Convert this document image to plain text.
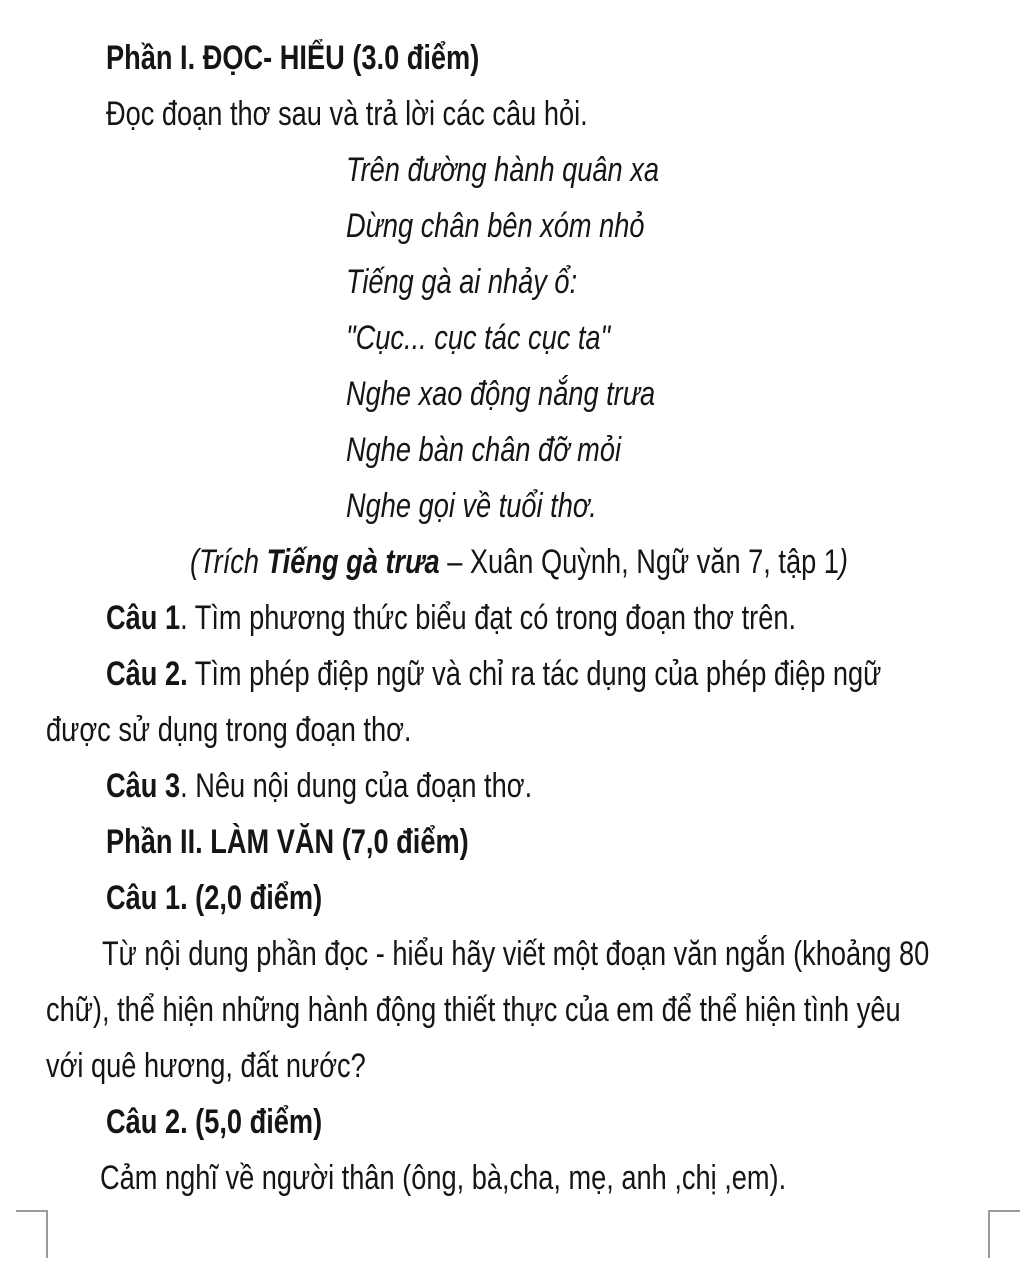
Phần I. ĐỌC- HIỂU (3.0 điểm)
Đọc đoạn thơ sau và trả lời các câu hỏi.
Trên đường hành quân xa
Dừng chân bên xóm nhỏ
Tiếng gà ai nhảy ổ:
"Cục... cục tác cục ta"
Nghe xao động nắng trưa
Nghe bàn chân đỡ mỏi
Nghe gọi về tuổi thơ.
(Trích Tiếng gà trưa – Xuân Quỳnh, Ngữ văn 7, tập 1)
Câu 1. Tìm phương thức biểu đạt có trong đoạn thơ trên.
Câu 2. Tìm phép điệp ngữ và chỉ ra tác dụng của phép điệp ngữ
được sử dụng trong đoạn thơ.
Câu 3. Nêu nội dung của đoạn thơ.
Phần II. LÀM VĂN (7,0 điểm)
Câu 1. (2,0 điểm)
Từ nội dung phần đọc - hiểu hãy viết một đoạn văn ngắn (khoảng 80
chữ), thể hiện những hành động thiết thực của em để thể hiện tình yêu
với quê hương, đất nước?
Câu 2. (5,0 điểm)
Cảm nghĩ về người thân (ông, bà,cha, mẹ, anh ,chị ,em).
